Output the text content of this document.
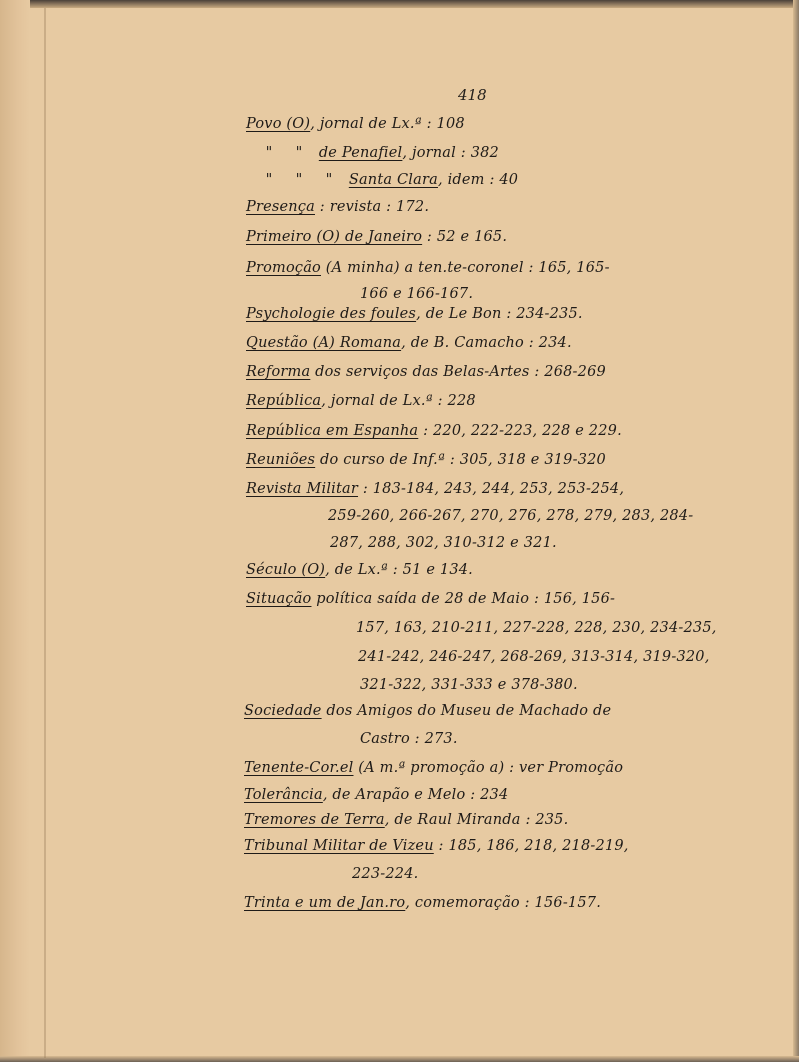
418
Povo (O), jornal de Lx.ª : 108
" " de Penafiel, jornal : 382
" " " Santa Clara, idem : 40
Presença : revista : 172.
Primeiro (O) de Janeiro : 52 e 165.
Promoção (A minha) a ten.te-coronel : 165, 165-
166 e 166-167.
Psychologie des foules, de Le Bon : 234-235.
Questão (A) Romana, de B. Camacho : 234.
Reforma dos serviços das Belas-Artes : 268-269
República, jornal de Lx.ª : 228
República em Espanha : 220, 222-223, 228 e 229.
Reuniões do curso de Inf.ª : 305, 318 e 319-320
Revista Militar : 183-184, 243, 244, 253, 253-254,
259-260, 266-267, 270, 276, 278, 279, 283, 284-
287, 288, 302, 310-312 e 321.
Século (O), de Lx.ª : 51 e 134.
Situação política saída de 28 de Maio : 156, 156-
157, 163, 210-211, 227-228, 228, 230, 234-235,
241-242, 246-247, 268-269, 313-314, 319-320,
321-322, 331-333 e 378-380.
Sociedade dos Amigos do Museu de Machado de
Castro : 273.
Tenente-Cor.el (A m.ª promoção a) : ver Promoção
Tolerância, de Arapão e Melo : 234
Tremores de Terra, de Raul Miranda : 235.
Tribunal Militar de Vizeu : 185, 186, 218, 218-219,
223-224.
Trinta e um de Jan.ro, comemoração : 156-157.
